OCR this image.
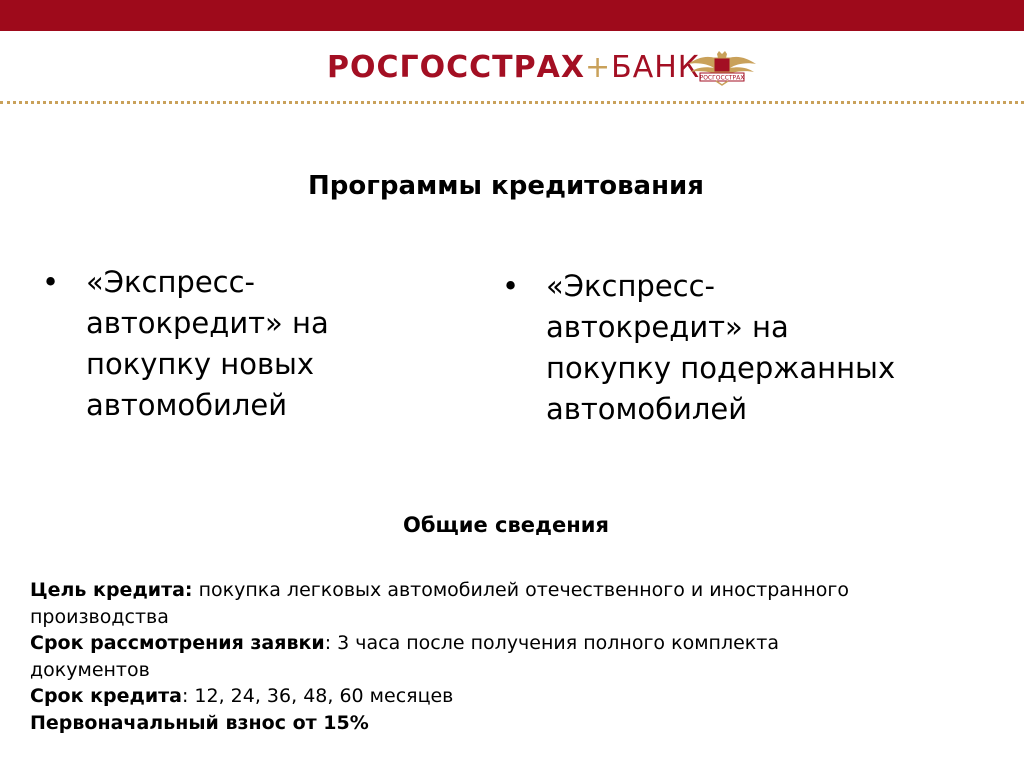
РОСГОССТРАХ+БАНК РОСГОССТРАХ
Программы кредитования
• «Экспресс-
автокредит» на
покупку новых
автомобилей
• «Экспресс-
автокредит» на
покупку подержанных
автомобилей
Общие сведения
Цель кредита: покупка легковых автомобилей отечественного и иностранного
производства
Срок рассмотрения заявки: 3 часа после получения полного комплекта
документов
Срок кредита: 12, 24, 36, 48, 60 месяцев
Первоначальный взнос от 15%
